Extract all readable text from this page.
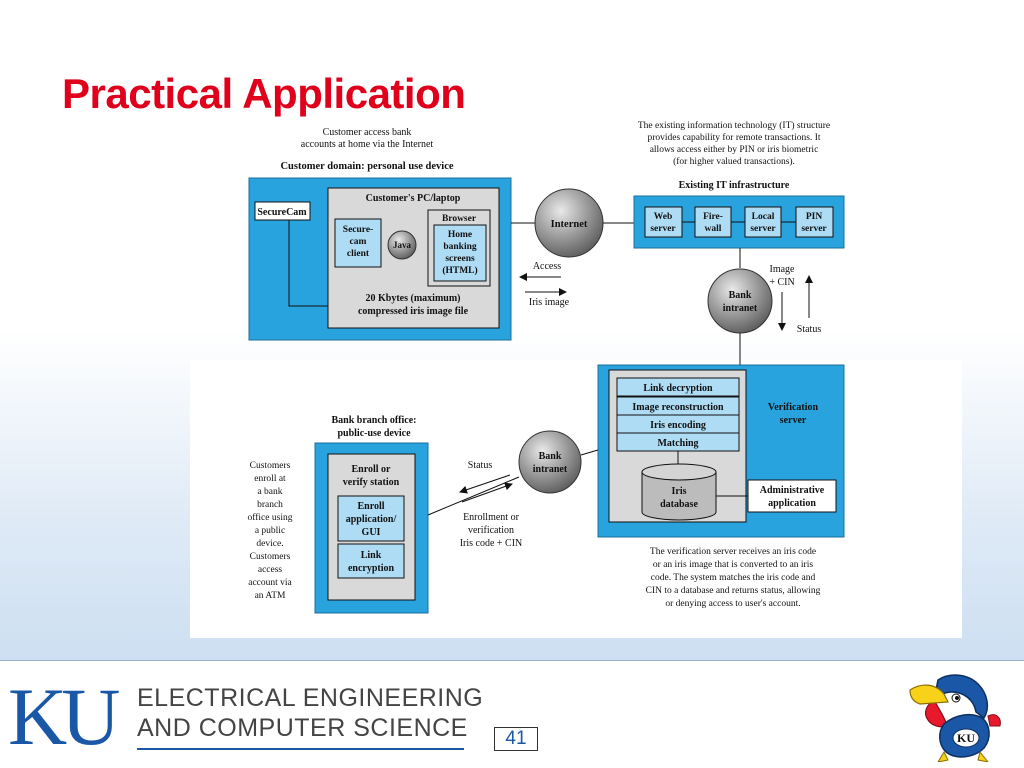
Practical Application
Customer access bank
accounts at home via the Internet
Customer domain: personal use device
SecureCam
Customer's PC/laptop
Secure-
cam
client
Java
Browser
Home
banking
screens
(HTML)
20 Kbytes (maximum)
compressed iris image file
Internet
Access
Iris image
The existing information technology (IT) structure
provides capability for remote transactions. It
allows access either by PIN or iris biometric
(for higher valued transactions).
Existing IT infrastructure
Web
server
Fire-
wall
Local
server
PIN
server
Bank
intranet
Image
+ CIN
Status
Link decryption
Image reconstruction
Iris encoding
Matching
Iris
database
Verification
server
Administrative
application
The verification server receives an iris code
or an iris image that is converted to an iris
code. The system matches the iris code and
CIN to a database and returns status, allowing
or denying access to user's account.
Bank branch office:
public-use device
Enroll or
verify station
Enroll
application/
GUI
Link
encryption
Customers
enroll at
a bank
branch
office using
a public
device.
Customers
access
account via
an ATM
Bank
intranet
Status
Enrollment or
verification
Iris code + CIN
KU ELECTRICAL ENGINEERING
AND COMPUTER SCIENCE	41	KU
